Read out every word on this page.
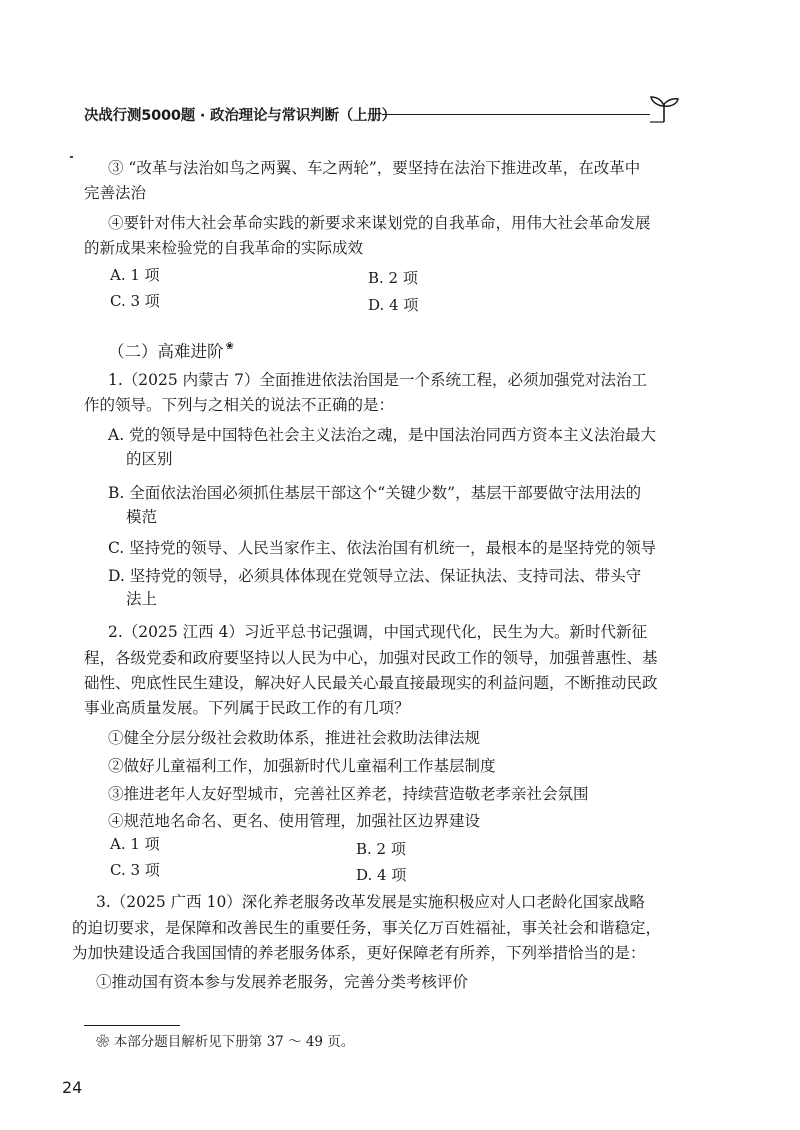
决战行测5000题 · 政治理论与常识判断（上册）
③ “改革与法治如鸟之两翼、车之两轮”，要坚持在法治下推进改革，在改革中
完善法治
④要针对伟大社会革命实践的新要求来谋划党的自我革命，用伟大社会革命发展
的新成果来检验党的自我革命的实际成效
A. 1 项	B. 2 项
C. 3 项	D. 4 项
（二）高难进阶 ❀
1.（2025 内蒙古 7）全面推进依法治国是一个系统工程，必须加强党对法治工
作的领导。下列与之相关的说法不正确的是：
A. 党的领导是中国特色社会主义法治之魂，是中国法治同西方资本主义法治最大
的区别
B. 全面依法治国必须抓住基层干部这个“关键少数”，基层干部要做守法用法的
模范
C. 坚持党的领导、人民当家作主、依法治国有机统一，最根本的是坚持党的领导
D. 坚持党的领导，必须具体体现在党领导立法、保证执法、支持司法、带头守
法上
2.（2025 江西 4）习近平总书记强调，中国式现代化，民生为大。新时代新征
程，各级党委和政府要坚持以人民为中心，加强对民政工作的领导，加强普惠性、基
础性、兜底性民生建设，解决好人民最关心最直接最现实的利益问题，不断推动民政
事业高质量发展。下列属于民政工作的有几项？
①健全分层分级社会救助体系，推进社会救助法律法规
②做好儿童福利工作，加强新时代儿童福利工作基层制度
③推进老年人友好型城市，完善社区养老，持续营造敬老孝亲社会氛围
④规范地名命名、更名、使用管理，加强社区边界建设
A. 1 项	B. 2 项
C. 3 项	D. 4 项
3.（2025 广西 10）深化养老服务改革发展是实施积极应对人口老龄化国家战略
的迫切要求，是保障和改善民生的重要任务，事关亿万百姓福祉，事关社会和谐稳定，
为加快建设适合我国国情的养老服务体系，更好保障老有所养，下列举措恰当的是：
①推动国有资本参与发展养老服务，完善分类考核评价
❀ 本部分题目解析见下册第 37 ～ 49 页。
24
